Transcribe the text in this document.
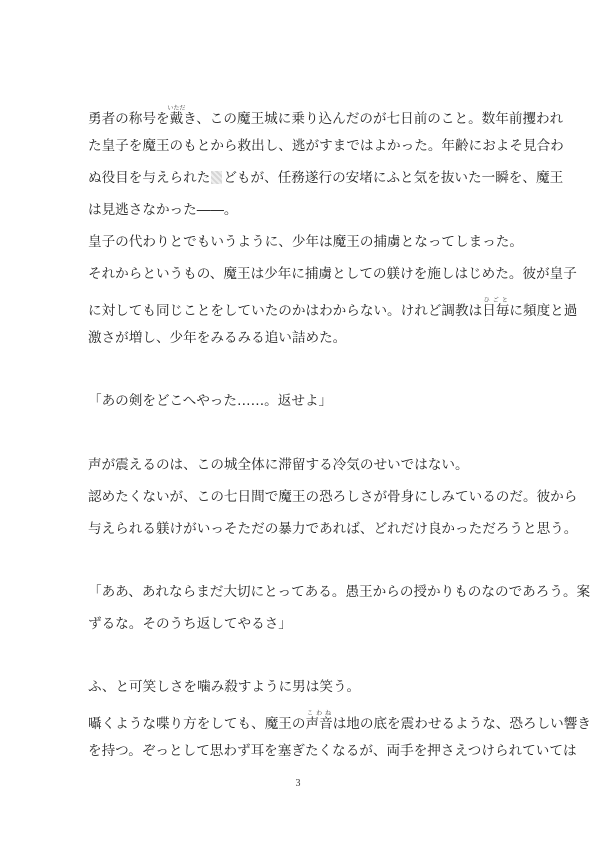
勇者の称号を戴いただき、この魔王城に乗り込んだのが七日前のこと。数年前攫われ

た皇子を魔王のもとから救出し、逃がすまではよかった。年齢におよそ見合わ

ぬ役目を与えられた どもが、任務遂行の安堵にふと気を抜いた一瞬を、魔王

は見逃さなかった――。

皇子の代わりとでもいうように、少年は魔王の捕虜となってしまった。

それからというもの、魔王は少年に捕虜としての躾けを施しはじめた。彼が皇子

に対しても同じことをしていたのかはわからない。けれど調教は日毎ひごとに頻度と過

激さが増し、少年をみるみる追い詰めた。

「あの剣をどこへやった……。返せよ」

声が震えるのは、この城全体に滞留する冷気のせいではない。

認めたくないが、この七日間で魔王の恐ろしさが骨身にしみているのだ。彼から

与えられる躾けがいっそただの暴力であれば、どれだけ良かっただろうと思う。

「ああ、あれならまだ大切にとってある。愚王からの授かりものなのであろう。案

ずるな。そのうち返してやるさ」

ふ、と可笑しさを噛み殺すように男は笑う。

囁くような喋り方をしても、魔王の声音こわねは地の底を震わせるような、恐ろしい響き

を持つ。ぞっとして思わず耳を塞ぎたくなるが、両手を押さえつけられていては

3
